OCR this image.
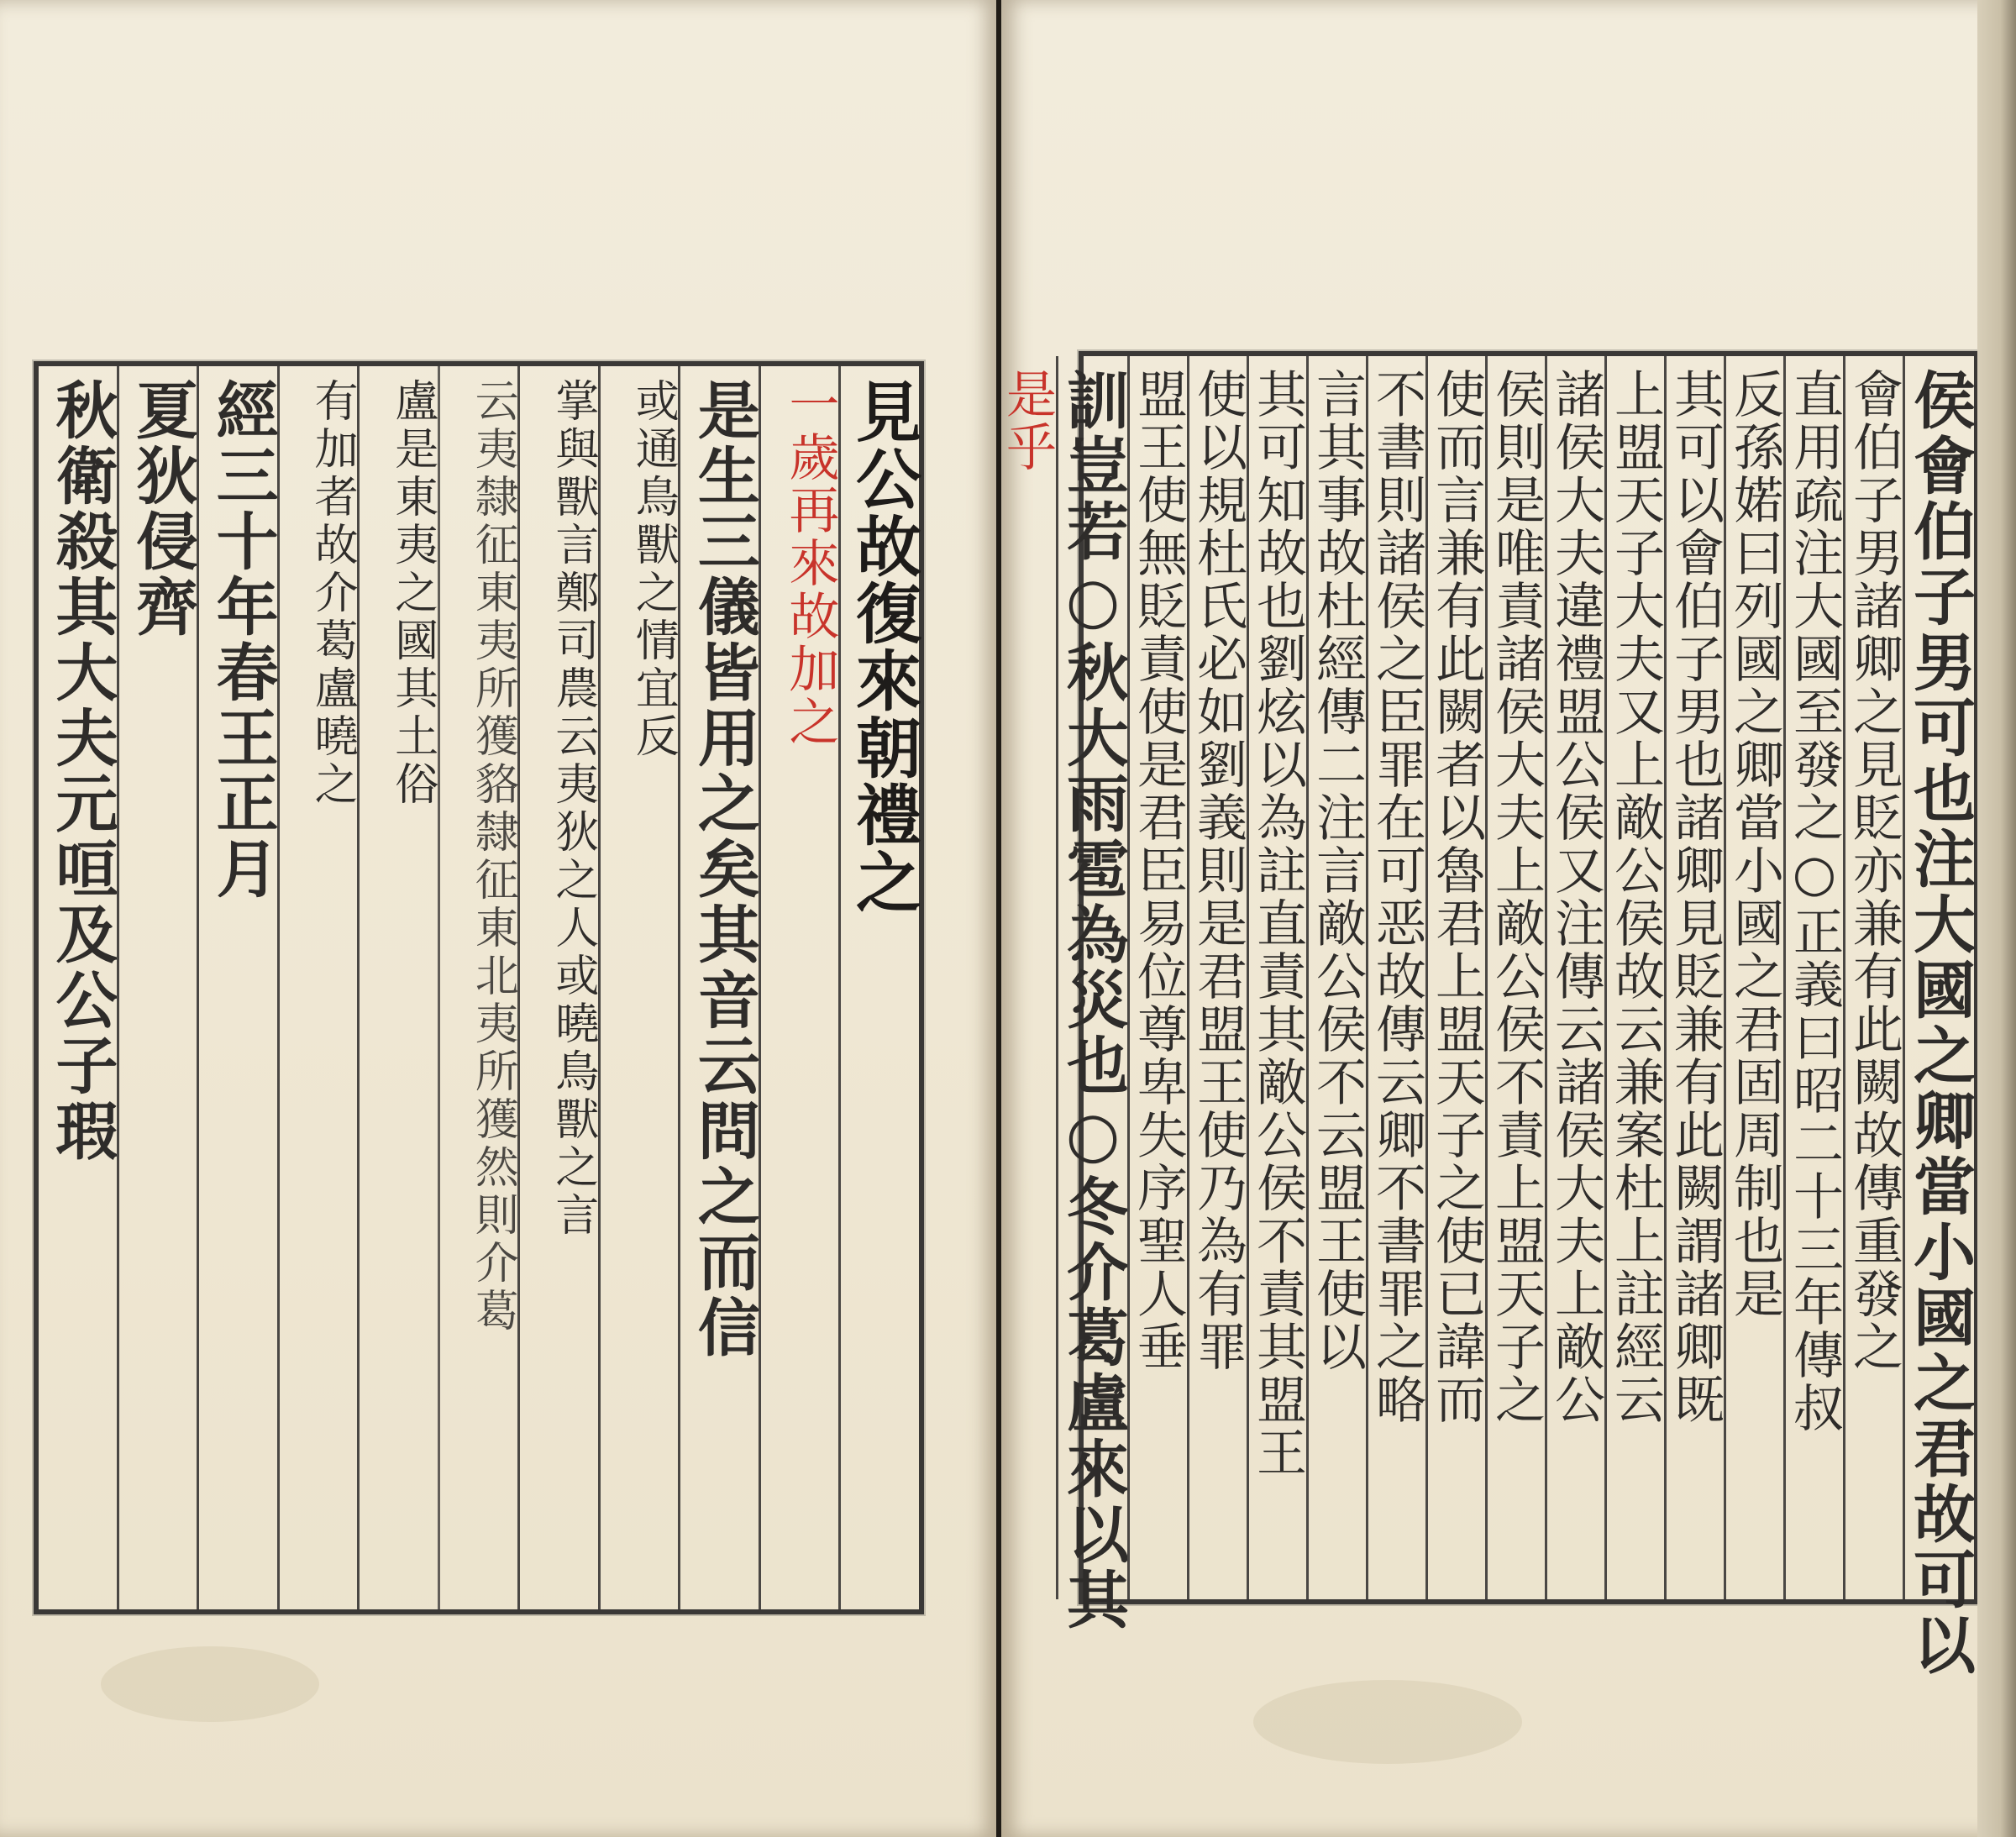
見公故復來朝禮之
一歲再來故加之
是生三儀皆用之矣其音云問之而信
或通鳥獸之情宜反
掌與獸言鄭司農云夷狄之人或曉鳥獸之言
云夷隸征東夷所獲貉隸征東北夷所獲然則介葛
盧是東夷之國其土俗
有加者故介葛盧曉之
經三十年春王正月
夏狄侵齊
秋衛殺其大夫元咺及公子瑕	侯會伯子男可也注大國之卿當小國之君故可以
會伯子男諸卿之見貶亦兼有此闕故傳重發之
直用疏注大國至發之○正義曰昭二十三年傳叔
反孫婼曰列國之卿當小國之君固周制也是
其可以會伯子男也諸卿見貶兼有此闕謂諸卿既
上盟天子大夫又上敵公侯故云兼案杜上註經云
諸侯大夫違禮盟公侯又注傳云諸侯大夫上敵公
侯則是唯責諸侯大夫上敵公侯不責上盟天子之
使而言兼有此闕者以魯君上盟天子之使已諱而
不書則諸侯之臣罪在可恶故傳云卿不書罪之略
言其事故杜經傳二注言敵公侯不云盟王使以
其可知故也劉炫以為註直責其敵公侯不責其盟王
使以規杜氏必如劉義則是君盟王使乃為有罪
盟王使無貶責使是君臣易位尊卑失序聖人垂
訓豈若○秋大雨雹為災也○冬介葛盧來以其
是乎
